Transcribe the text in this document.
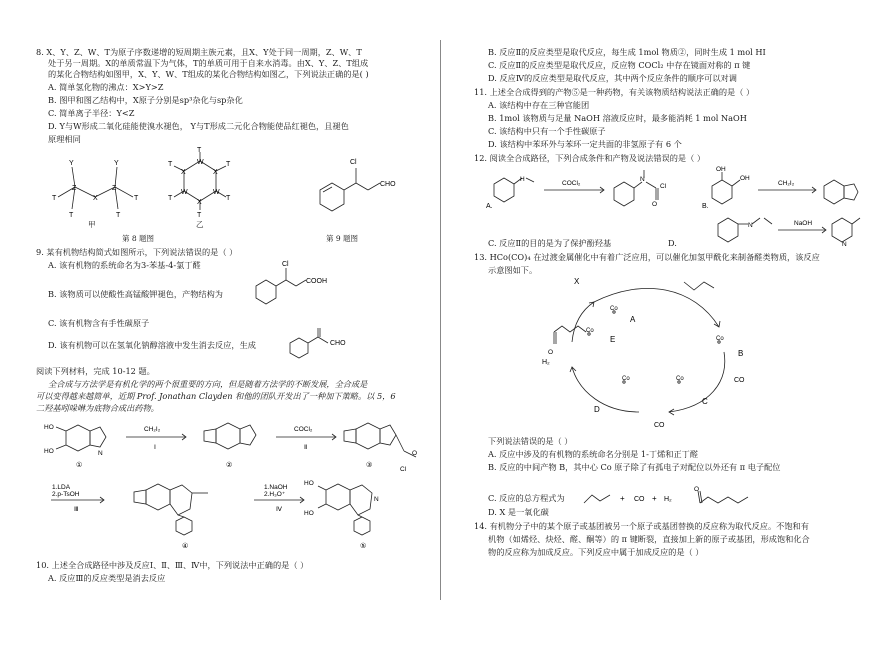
8. X、Y、Z、W、T为原子序数递增的短周期主族元素，且X、Y处于同一周期，Z、W、T
处于另一周期。X的单质常温下为气体，T的单质可用于自来水消毒。由X、Y、Z、T组成
的某化合物结构如图甲，X、Y、W、T组成的某化合物结构如图乙，下列说法正确的是( )
A. 简单氢化物的沸点：X>Y>Z
B. 图甲和图乙结构中，X原子分别是sp³杂化与sp杂化
C. 简单离子半径：Y<Z
D. Y与W形成二氧化硅能使溴水褪色， Y与T形成二元化合物能使品红褪色，且褪色
原理相同
T
Z
X
Z
T
Y	Y
T	T
甲
W
X
W
X
W
X
T
T
T
T
T
T
乙
第 8 题图
Cl
CHO
第 9 题图
9. 某有机物结构简式如图所示，下列说法错误的是（ ）
A. 该有机物的系统命名为3-苯基-4-氯丁醛	Cl
COOH
B. 该物质可以使酸性高锰酸钾褪色，产物结构为
C. 该有机物含有手性碳原子
D. 该有机物可以在氢氧化钠醇溶液中发生消去反应，生成	CHO
阅读下列材料，完成 10-12 题。
全合成与方法学是有机化学的两个很重要的方向，但是随着方法学的不断发展，全合成是
可以变得越来越简单，近期 Prof. Jonathan Clayden 和他的团队开发出了一种加下策略。以 5，6
二羟基吲哚啉为底物合成出药物。
HO
HO	N
①
CH₂I₂
Ⅰ
②
COCl₂
Ⅱ
Cl
O
③
1.LDA
2.p-TsOH
Ⅲ
④
1.NaOH
2.H₃O⁺
Ⅳ
HO
HO
N
⑤
10. 上述全合成路径中涉及反应Ⅰ、Ⅱ、Ⅲ、Ⅳ中，下列说法中正确的是（ ）
A. 反应Ⅲ的反应类型是消去反应
B. 反应Ⅱ的反应类型是取代反应，每生成 1mol 物质②，同时生成 1 mol HI
C. 反应Ⅱ的反应类型是取代反应，反应物 COCl₂ 中存在镜面对称的 π 键
D. 反应Ⅳ的反应类型是取代反应，其中两个反应条件的顺序可以对调
11. 上述全合成得到的产物⑤是一种药物，有关该物质结构说法正确的是（ ）
A. 该结构中存在三种官能团
B. 1mol 该物质与足量 NaOH 溶液反应时，最多能消耗 1 mol NaOH
C. 该结构中只有一个手性碳原子
D. 该结构中苯环外与苯环一定共面的非氢原子有 6 个
12. 阅读全合成路径，下列合成条件和产物及说法错误的是（ ）
A.
H
COCl₂
N
O
Cl
B.
OH
OH
CH₂I₂
NaOH
N
N
C. 反应Ⅱ的目的是为了保护酚羟基	D.
13. HCo(CO)₄ 在过渡金属催化中有着广泛应用，可以催化加氢甲酰化来制备醛类物质，该反应
示意图如下。
X
Co
A
Co
B
CO
Co
C
Co
D
H₂
Co
E
O
CO
下列说法错误的是（ ）
A. 反应中涉及的有机物的系统命名分别是 1-丁烯和正丁醛
B. 反应的中间产物 B，其中心 Co 原子除了有孤电子对配位以外还有 π 电子配位
C. 反应的总方程式为	+ CO + H₂
O
D. X 是一氧化碳
14. 有机物分子中的某个原子或基团被另一个原子或基团替换的反应称为取代反应。不饱和有
机物（如烯烃、炔烃、醛、酮等）的 π 键断裂，直接加上新的原子或基团，形成饱和化合
物的反应称为加成反应。下列反应中属于加成反应的是（ ）
